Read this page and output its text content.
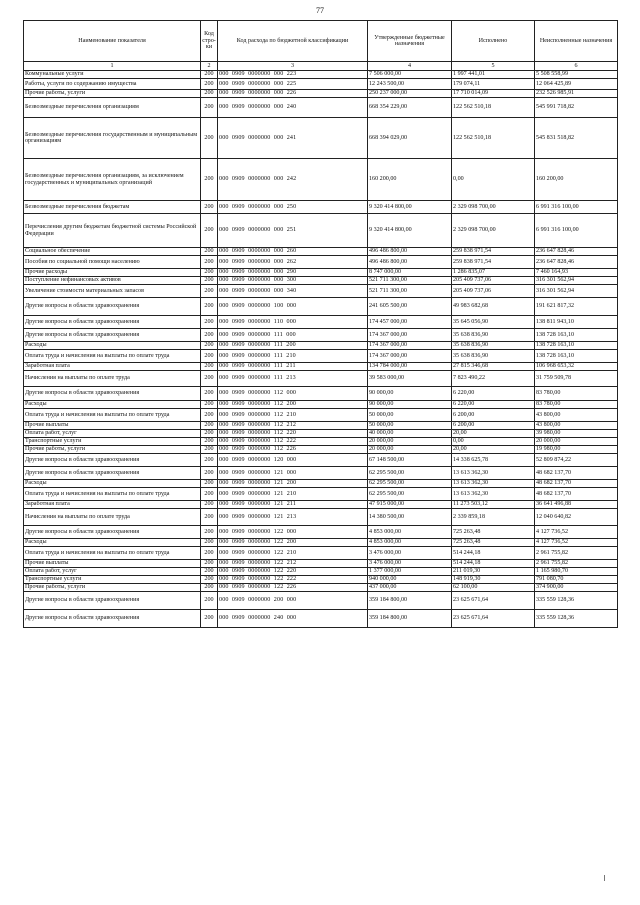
77
Наименование показателя	Код стро-ки	Код расхода по бюджетной классификации	Утвержденные бюджетные назначения	Исполнено	Неисполненные назначения
1	2	3	4	5	6
Коммунальные услуги	200	000  0909  0000000  000  223	7 506 000,00	1 997 441,01	5 508 558,99
Работы, услуги по содержанию имущества	200	000  0909  0000000  000  225	12 243 500,00	179 074,11	12 064 425,89
Прочие работы, услуги	200	000  0909  0000000  000  226	250 237 000,00	17 710 014,09	232 526 985,91
Безвозмездные перечисления организациям	200	000  0909  0000000  000  240	668 354 229,00	122 562 510,18	545 991 718,82
Безвозмездные перечисления государственным и муниципальным организациям	200	000  0909  0000000  000  241	668 394 029,00	122 562 510,18	545 831 518,82
Безвозмездные перечисления организациям, за исключением государственных и муниципальных организаций	200	000  0909  0000000  000  242	160 200,00	0,00	160 200,00
Безвозмездные перечисления бюджетам	200	000  0909  0000000  000  250	9 320 414 800,00	2 329 098 700,00	6 991 316 100,00
Перечисления другим бюджетам бюджетной системы Российской Федерации	200	000  0909  0000000  000  251	9 320 414 800,00	2 329 098 700,00	6 991 316 100,00
Социальное обеспечение	200	000  0909  0000000  000  260	496 486 800,00	259 838 971,54	236 647 828,46
Пособия по социальной помощи населению	200	000  0909  0000000  000  262	496 486 800,00	259 838 971,54	236 647 828,46
Прочие расходы	200	000  0909  0000000  000  290	8 747 000,00	1 286 835,07	7 460 164,93
Поступление нефинансовых активов	200	000  0909  0000000  000  300	521 711 300,00	205 409 737,06	316 301 562,94
Увеличение стоимости материальных запасов	200	000  0909  0000000  000  340	521 711 300,00	205 409 737,06	316 301 562,94
Другие вопросы в области здравоохранения	200	000  0909  0000000  100  000	241 605 500,00	49 983 682,68	191 621 817,32
Другие вопросы в области здравоохранения	200	000  0909  0000000  110  000	174 457 000,00	35 645 056,90	138 811 943,10
Другие вопросы в области здравоохранения	200	000  0909  0000000  111  000	174 367 000,00	35 638 836,90	138 728 163,10
Расходы	200	000  0909  0000000  111  200	174 367 000,00	35 638 836,90	138 728 163,10
Оплата труда и начисления на выплаты по оплате труда	200	000  0909  0000000  111  210	174 367 000,00	35 638 836,90	138 728 163,10
Заработная плата	200	000  0909  0000000  111  211	134 784 000,00	27 815 346,68	106 968 653,32
Начисления на выплаты по оплате труда	200	000  0909  0000000  111  213	39 583 000,00	7 823 490,22	31 759 509,78
Другие вопросы в области здравоохранения	200	000  0909  0000000  112  000	90 000,00	6 220,00	83 780,00
Расходы	200	000  0909  0000000  112  200	90 000,00	6 220,00	83 780,00
Оплата труда и начисления на выплаты по оплате труда	200	000  0909  0000000  112  210	50 000,00	6 200,00	43 800,00
Прочие выплаты	200	000  0909  0000000  112  212	50 000,00	6 200,00	43 800,00
Оплата работ, услуг	200	000  0909  0000000  112  220	40 000,00	20,00	39 980,00
Транспортные услуги	200	000  0909  0000000  112  222	20 000,00	0,00	20 000,00
Прочие работы, услуги	200	000  0909  0000000  112  226	20 000,00	20,00	19 980,00
Другие вопросы в области здравоохранения	200	000  0909  0000000  120  000	67 148 500,00	14 338 625,78	52 809 874,22
Другие вопросы в области здравоохранения	200	000  0909  0000000  121  000	62 295 500,00	13 613 362,30	48 682 137,70
Расходы	200	000  0909  0000000  121  200	62 295 500,00	13 613 362,30	48 682 137,70
Оплата труда и начисления на выплаты по оплате труда	200	000  0909  0000000  121  210	62 295 500,00	13 613 362,30	48 682 137,70
Заработная плата	200	000  0909  0000000  121  211	47 915 000,00	11 273 503,12	36 641 496,88
Начисления на выплаты по оплате труда	200	000  0909  0000000  121  213	14 380 500,00	2 339 859,18	12 040 640,82
Другие вопросы в области здравоохранения	200	000  0909  0000000  122  000	4 853 000,00	725 263,48	4 127 736,52
Расходы	200	000  0909  0000000  122  200	4 853 000,00	725 263,48	4 127 736,52
Оплата труда и начисления на выплаты по оплате труда	200	000  0909  0000000  122  210	3 476 000,00	514 244,18	2 961 755,82
Прочие выплаты	200	000  0909  0000000  122  212	3 476 000,00	514 244,18	2 961 755,82
Оплата работ, услуг	200	000  0909  0000000  122  220	1 377 000,00	211 019,30	1 165 980,70
Транспортные услуги	200	000  0909  0000000  122  222	940 000,00	148 919,30	791 080,70
Прочие работы, услуги	200	000  0909  0000000  122  226	437 000,00	62 100,00	374 900,00
Другие вопросы в области здравоохранения	200	000  0909  0000000  200  000	359 184 800,00	23 625 671,64	335 559 128,36
Другие вопросы в области здравоохранения	200	000  0909  0000000  240  000	359 184 800,00	23 625 671,64	335 559 128,36
